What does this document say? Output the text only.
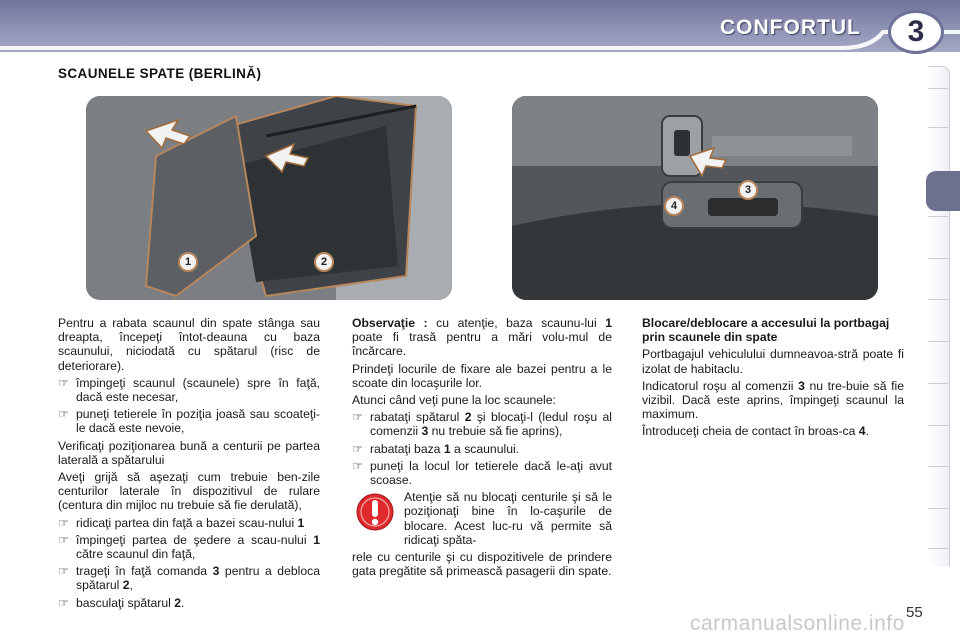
CONFORTUL	3
SCAUNELE SPATE (BERLINĂ)
1	2
3
4

Pentru a rabata scaunul din spate stânga sau dreapta, începeţi întot-deauna cu baza scaunului, niciodată cu spătarul (risc de deteriorare).

☞ împingeţi scaunul (scaunele) spre în faţă, dacă este necesar,
☞ puneţi tetierele în poziţia joasă sau scoateţi-le dacă este nevoie,

Verificaţi poziţionarea bună a centurii pe partea laterală a spătarului

Aveţi grijă să aşezaţi cum trebuie ben-zile centurilor laterale în dispozitivul de rulare (centura din mijloc nu trebuie să fie derulată),

☞ ridicaţi partea din faţă a bazei scau-nului 1
☞ împingeţi partea de şedere a scau-nului 1 către scaunul din faţă,
☞ trageţi în faţă comanda 3 pentru a debloca spătarul 2,
☞ basculaţi spătarul 2.

Observaţie : cu atenţie, baza scaunu-lui 1 poate fi trasă pentru a mări volu-mul de încărcare.

Prindeţi locurile de fixare ale bazei pentru a le scoate din locaşurile lor.

Atunci când veţi pune la loc scaunele:

☞ rabataţi spătarul 2 şi blocaţi-l (ledul roşu al comenzii 3 nu trebuie să fie aprins),
☞ rabataţi baza 1 a scaunului.
☞ puneţi la locul lor tetierele dacă le-aţi avut scoase.

Atenţie să nu blocaţi centurile şi să le poziţionaţi bine în lo-caşurile de blocare. Acest luc-ru vă permite să ridicaţi spăta-

rele cu centurile şi cu dispozitivele de prindere gata pregătite să primească pasagerii din spate.

Blocare/deblocare a accesului la portbagaj prin scaunele din spate

Portbagajul vehiculului dumneavoa-stră poate fi izolat de habitaclu.

Indicatorul roşu al comenzii 3 nu tre-buie să fie vizibil. Dacă este aprins, împingeţi scaunul la maximum.

Întroduceţi cheia de contact în broas-ca 4.

carmanualsonline.info 55
